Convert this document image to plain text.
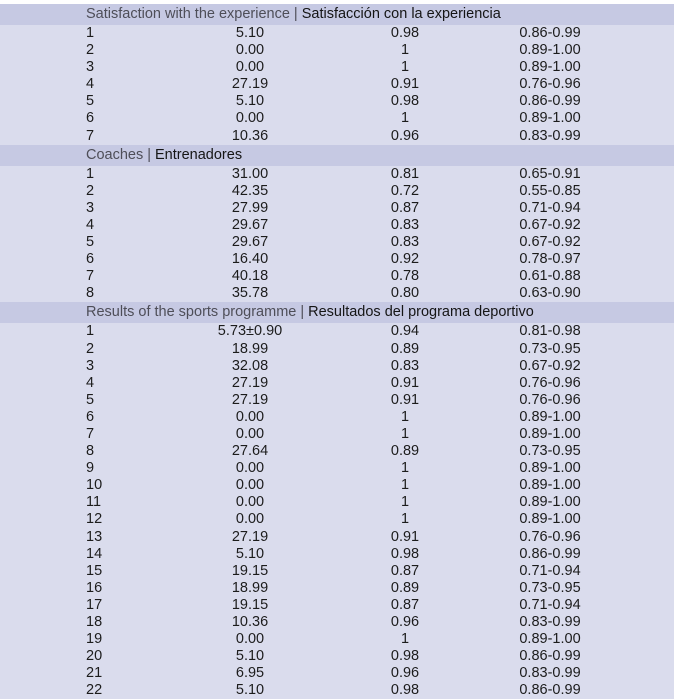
Satisfaction with the experience | Satisfacción con la experiencia
1	5.10	0.98	0.86-0.99
2	0.00	1	0.89-1.00
3	0.00	1	0.89-1.00
4	27.19	0.91	0.76-0.96
5	5.10	0.98	0.86-0.99
6	0.00	1	0.89-1.00
7	10.36	0.96	0.83-0.99
Coaches | Entrenadores
1	31.00	0.81	0.65-0.91
2	42.35	0.72	0.55-0.85
3	27.99	0.87	0.71-0.94
4	29.67	0.83	0.67-0.92
5	29.67	0.83	0.67-0.92
6	16.40	0.92	0.78-0.97
7	40.18	0.78	0.61-0.88
8	35.78	0.80	0.63-0.90
Results of the sports programme | Resultados del programa deportivo
1	5.73±0.90	0.94	0.81-0.98
2	18.99	0.89	0.73-0.95
3	32.08	0.83	0.67-0.92
4	27.19	0.91	0.76-0.96
5	27.19	0.91	0.76-0.96
6	0.00	1	0.89-1.00
7	0.00	1	0.89-1.00
8	27.64	0.89	0.73-0.95
9	0.00	1	0.89-1.00
10	0.00	1	0.89-1.00
11	0.00	1	0.89-1.00
12	0.00	1	0.89-1.00
13	27.19	0.91	0.76-0.96
14	5.10	0.98	0.86-0.99
15	19.15	0.87	0.71-0.94
16	18.99	0.89	0.73-0.95
17	19.15	0.87	0.71-0.94
18	10.36	0.96	0.83-0.99
19	0.00	1	0.89-1.00
20	5.10	0.98	0.86-0.99
21	6.95	0.96	0.83-0.99
22	5.10	0.98	0.86-0.99
